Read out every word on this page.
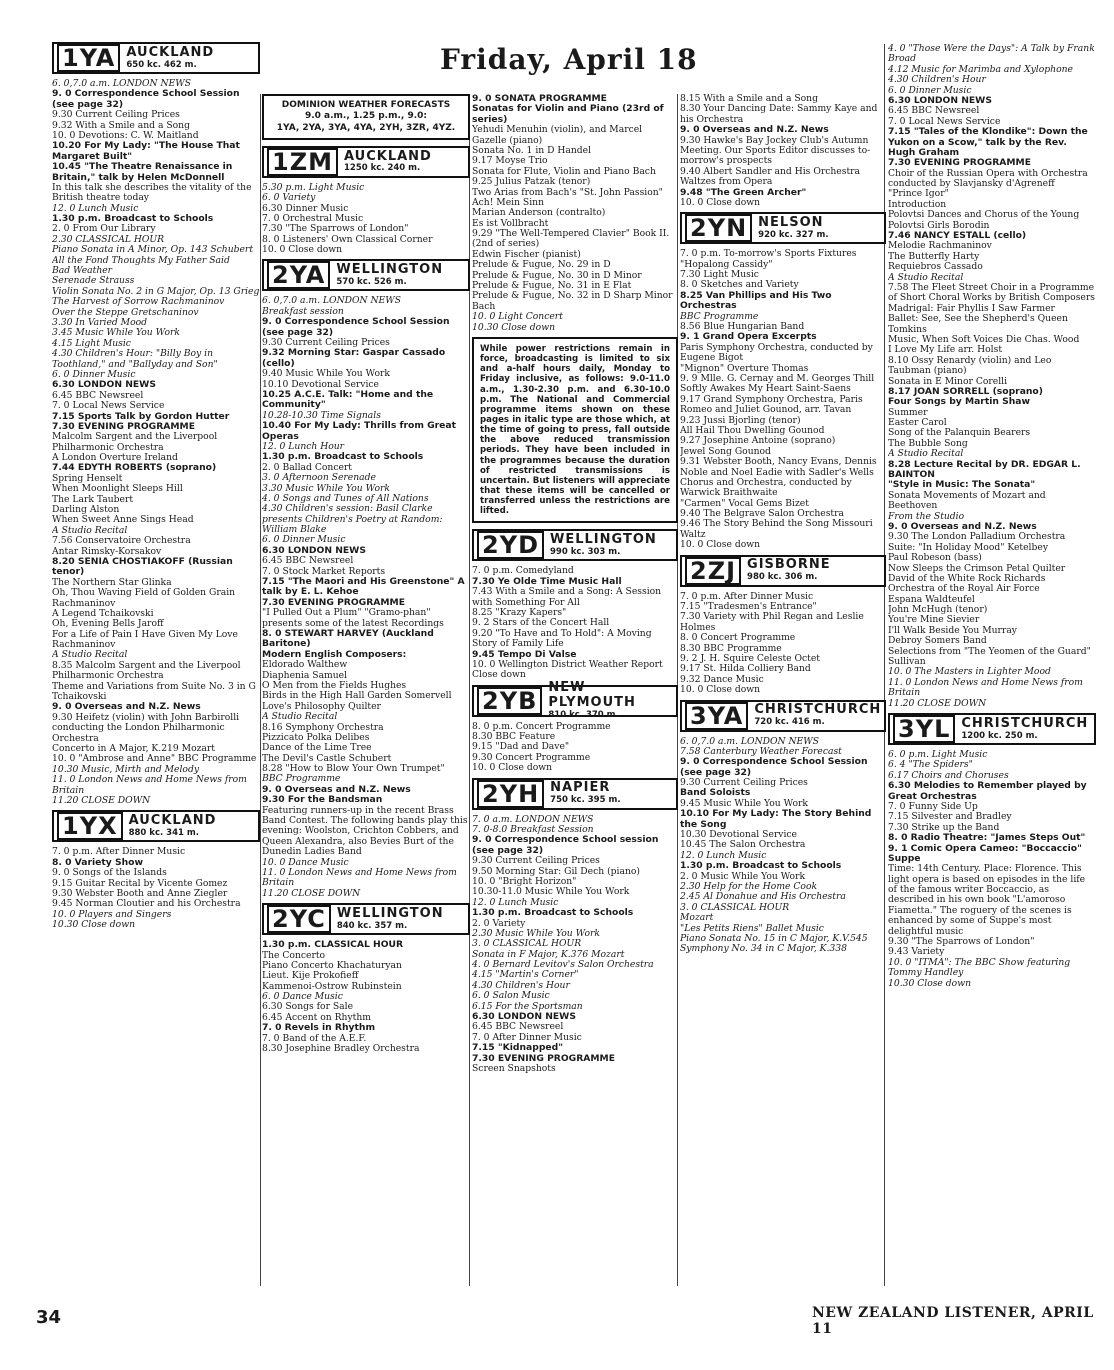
Friday, April 18
1YA AUCKLAND
650 kc. 462 m.
6. 0,7.0 a.m. LONDON NEWS
9. 0 Correspondence School Session (see page 32)
9.30 Current Ceiling Prices
9.32 With a Smile and a Song
10. 0 Devotions: C. W. Maitland
10.20 For My Lady: "The House That Margaret Built"
10.45 "The Theatre Renaissance in Britain," talk by Helen McDonnell
In this talk she describes the vitality of the British theatre today
12. 0 Lunch Music
1.30 p.m. Broadcast to Schools
2. 0 From Our Library
2.30 CLASSICAL HOUR
Piano Sonata in A Minor, Op. 143 Schubert
All the Fond Thoughts My Father Said
Bad Weather
Serenade Strauss
Violin Sonata No. 2 in G Major, Op. 13 Grieg
The Harvest of Sorrow Rachmaninov
Over the Steppe Gretschaninov
3.30 In Varied Mood
3.45 Music While You Work
4.15 Light Music
4.30 Children's Hour: "Billy Boy in Toothland," and "Ballyday and Son"
6. 0 Dinner Music
6.30 LONDON NEWS
6.45 BBC Newsreel
7. 0 Local News Service
7.15 Sports Talk by Gordon Hutter
7.30 EVENING PROGRAMME
Malcolm Sargent and the Liverpool Philharmonic Orchestra
A London Overture Ireland
7.44 EDYTH ROBERTS (soprano)
Spring Henselt
When Moonlight Sleeps Hill
The Lark Taubert
Darling Alston
When Sweet Anne Sings Head
A Studio Recital
7.56 Conservatoire Orchestra
Antar Rimsky-Korsakov
8.20 SENIA CHOSTIAKOFF (Russian tenor)
The Northern Star Glinka
Oh, Thou Waving Field of Golden Grain Rachmaninov
A Legend Tchaikovski
Oh, Evening Bells Jaroff
For a Life of Pain I Have Given My Love Rachmaninov
A Studio Recital
8.35 Malcolm Sargent and the Liverpool Philharmonic Orchestra
Theme and Variations from Suite No. 3 in G Tchaikovski
9. 0 Overseas and N.Z. News
9.30 Heifetz (violin) with John Barbirolli conducting the London Philharmonic Orchestra
Concerto in A Major, K.219 Mozart
10. 0 "Ambrose and Anne" BBC Programme
10.30 Music, Mirth and Melody
11. 0 London News and Home News from Britain
11.20 CLOSE DOWN
1YX AUCKLAND
880 kc. 341 m.
7. 0 p.m. After Dinner Music
8. 0 Variety Show
9. 0 Songs of the Islands
9.15 Guitar Recital by Vicente Gomez
9.30 Webster Booth and Anne Ziegler
9.45 Norman Cloutier and his Orchestra
10. 0 Players and Singers
10.30 Close down
DOMINION WEATHER FORECASTS
9.0 a.m., 1.25 p.m., 9.0:
1YA, 2YA, 3YA, 4YA, 2YH, 3ZR, 4YZ.
1ZM AUCKLAND
1250 kc. 240 m.
5.30 p.m. Light Music
6. 0 Variety
6.30 Dinner Music
7. 0 Orchestral Music
7.30 "The Sparrows of London"
8. 0 Listeners' Own Classical Corner
10. 0 Close down
2YA WELLINGTON
570 kc. 526 m.
6. 0,7.0 a.m. LONDON NEWS
Breakfast session
9. 0 Correspondence School Session (see page 32)
9.30 Current Ceiling Prices
9.32 Morning Star: Gaspar Cassado (cello)
9.40 Music While You Work
10.10 Devotional Service
10.25 A.C.E. Talk: "Home and the Community"
10.28-10.30 Time Signals
10.40 For My Lady: Thrills from Great Operas
12. 0 Lunch Hour
1.30 p.m. Broadcast to Schools
2. 0 Ballad Concert
3. 0 Afternoon Serenade
3.30 Music While You Work
4. 0 Songs and Tunes of All Nations
4.30 Children's session: Basil Clarke presents Children's Poetry at Random: William Blake
6. 0 Dinner Music
6.30 LONDON NEWS
6.45 BBC Newsreel
7. 0 Stock Market Reports
7.15 "The Maori and His Greenstone" A talk by E. L. Kehoe
7.30 EVENING PROGRAMME
"I Pulled Out a Plum" "Gramo-phan" presents some of the latest Recordings
8. 0 STEWART HARVEY (Auckland Baritone)
Modern English Composers:
Eldorado Walthew
Diaphenia Samuel
O Men from the Fields Hughes
Birds in the High Hall Garden Somervell
Love's Philosophy Quilter
A Studio Recital
8.16 Symphony Orchestra
Pizzicato Polka Delibes
Dance of the Lime Tree
The Devil's Castle Schubert
8.28 "How to Blow Your Own Trumpet"
BBC Programme
9. 0 Overseas and N.Z. News
9.30 For the Bandsman
Featuring runners-up in the recent Brass Band Contest. The following bands play this evening: Woolston, Crichton Cobbers, and Queen Alexandra, also Bevies Burt of the Dunedin Ladies Band
10. 0 Dance Music
11. 0 London News and Home News from Britain
11.20 CLOSE DOWN
2YC WELLINGTON
840 kc. 357 m.
1.30 p.m. CLASSICAL HOUR
The Concerto
Piano Concerto Khachaturyan
Lieut. Kije Prokofieff
Kammenoi-Ostrow Rubinstein
6. 0 Dance Music
6.30 Songs for Sale
6.45 Accent on Rhythm
7. 0 Revels in Rhythm
7. 0 Band of the A.E.F.
8.30 Josephine Bradley Orchestra
9. 0 SONATA PROGRAMME
Sonatas for Violin and Piano (23rd of series)
Yehudi Menuhin (violin), and Marcel Gazelle (piano)
Sonata No. 1 in D Handel
9.17 Moyse Trio
Sonata for Flute, Violin and Piano Bach
9.25 Julius Patzak (tenor)
Two Arias from Bach's "St. John Passion"
Ach! Mein Sinn
Marian Anderson (contralto)
Es ist Vollbracht
9.29 "The Well-Tempered Clavier" Book II. (2nd of series)
Edwin Fischer (pianist)
Prelude & Fugue, No. 29 in D
Prelude & Fugue, No. 30 in D Minor
Prelude & Fugue, No. 31 in E Flat
Prelude & Fugue, No. 32 in D Sharp Minor Bach
10. 0 Light Concert
10.30 Close down
While power restrictions remain in force, broadcasting is limited to six and a-half hours daily, Monday to Friday inclusive, as follows: 9.0-11.0 a.m., 1.30-2.30 p.m. and 6.30-10.0 p.m. The National and Commercial programme items shown on these pages in italic type are those which, at the time of going to press, fall outside the above reduced transmission periods. They have been included in the programmes because the duration of restricted transmissions is uncertain. But listeners will appreciate that these items will be cancelled or transferred unless the restrictions are lifted.
2YD WELLINGTON
990 kc. 303 m.
7. 0 p.m. Comedyland
7.30 Ye Olde Time Music Hall
7.43 With a Smile and a Song: A Session with Something For All
8.25 "Krazy Kapers"
9. 2 Stars of the Concert Hall
9.20 "To Have and To Hold": A Moving Story of Family Life
9.45 Tempo Di Valse
10. 0 Wellington District Weather Report
Close down
2YB NEW PLYMOUTH
810 kc. 370 m.
8. 0 p.m. Concert Programme
8.30 BBC Feature
9.15 "Dad and Dave"
9.30 Concert Programme
10. 0 Close down
2YH NAPIER
750 kc. 395 m.
7. 0 a.m. LONDON NEWS
7. 0-8.0 Breakfast Session
9. 0 Correspondence School session (see page 32)
9.30 Current Ceiling Prices
9.50 Morning Star: Gil Dech (piano)
10. 0 "Bright Horizon"
10.30-11.0 Music While You Work
12. 0 Lunch Music
1.30 p.m. Broadcast to Schools
2. 0 Variety
2.30 Music While You Work
3. 0 CLASSICAL HOUR
Sonata in F Major, K.376 Mozart
4. 0 Bernard Levitov's Salon Orchestra
4.15 "Martin's Corner"
4.30 Children's Hour
6. 0 Salon Music
6.15 For the Sportsman
6.30 LONDON NEWS
6.45 BBC Newsreel
7. 0 After Dinner Music
7.15 "Kidnapped"
7.30 EVENING PROGRAMME
Screen Snapshots
8.15 With a Smile and a Song
8.30 Your Dancing Date: Sammy Kaye and his Orchestra
9. 0 Overseas and N.Z. News
9.30 Hawke's Bay Jockey Club's Autumn Meeting. Our Sports Editor discusses to-morrow's prospects
9.40 Albert Sandler and His Orchestra
Waltzes from Opera
9.48 "The Green Archer"
10. 0 Close down
2YN NELSON
920 kc. 327 m.
7. 0 p.m. To-morrow's Sports Fixtures
"Hopalong Cassidy"
7.30 Light Music
8. 0 Sketches and Variety
8.25 Van Phillips and His Two Orchestras
BBC Programme
8.56 Blue Hungarian Band
9. 1 Grand Opera Excerpts
Paris Symphony Orchestra, conducted by Eugene Bigot
"Mignon" Overture Thomas
9. 9 Mlle. G. Cernay and M. Georges Thill
Softly Awakes My Heart Saint-Saens
9.17 Grand Symphony Orchestra, Paris
Romeo and Juliet Gounod, arr. Tavan
9.23 Jussi Bjorling (tenor)
All Hail Thou Dwelling Gounod
9.27 Josephine Antoine (soprano)
Jewel Song Gounod
9.31 Webster Booth, Nancy Evans, Dennis Noble and Noel Eadie with Sadler's Wells Chorus and Orchestra, conducted by Warwick Braithwaite
"Carmen" Vocal Gems Bizet
9.40 The Belgrave Salon Orchestra
9.46 The Story Behind the Song Missouri Waltz
10. 0 Close down
2ZJ GISBORNE
980 kc. 306 m.
7. 0 p.m. After Dinner Music
7.15 "Tradesmen's Entrance"
7.30 Variety with Phil Regan and Leslie Holmes
8. 0 Concert Programme
8.30 BBC Programme
9. 2 J. H. Squire Celeste Octet
9.17 St. Hilda Colliery Band
9.32 Dance Music
10. 0 Close down
3YA CHRISTCHURCH
720 kc. 416 m.
6. 0,7.0 a.m. LONDON NEWS
7.58 Canterbury Weather Forecast
9. 0 Correspondence School Session (see page 32)
9.30 Current Ceiling Prices
Band Soloists
9.45 Music While You Work
10.10 For My Lady: The Story Behind the Song
10.30 Devotional Service
10.45 The Salon Orchestra
12. 0 Lunch Music
1.30 p.m. Broadcast to Schools
2. 0 Music While You Work
2.30 Help for the Home Cook
2.45 Al Donahue and His Orchestra
3. 0 CLASSICAL HOUR
Mozart
"Les Petits Riens" Ballet Music
Piano Sonata No. 15 in C Major, K.V.545
Symphony No. 34 in C Major, K.338
4. 0 "Those Were the Days": A Talk by Frank Broad
4.12 Music for Marimba and Xylophone
4.30 Children's Hour
6. 0 Dinner Music
6.30 LONDON NEWS
6.45 BBC Newsreel
7. 0 Local News Service
7.15 "Tales of the Klondike": Down the Yukon on a Scow," talk by the Rev. Hugh Graham
7.30 EVENING PROGRAMME
Choir of the Russian Opera with Orchestra conducted by Slavjansky d'Agreneff
"Prince Igor"
Introduction
Polovtsi Dances and Chorus of the Young Polovtsi Girls Borodin
7.46 NANCY ESTALL (cello)
Melodie Rachmaninov
The Butterfly Harty
Requiebros Cassado
A Studio Recital
7.58 The Fleet Street Choir in a Programme of Short Choral Works by British Composers
Madrigal: Fair Phyllis I Saw Farmer
Ballet: See, See the Shepherd's Queen Tomkins
Music, When Soft Voices Die Chas. Wood
I Love My Life arr. Holst
8.10 Ossy Renardy (violin) and Leo Taubman (piano)
Sonata in E Minor Corelli
8.17 JOAN SORRELL (soprano)
Four Songs by Martin Shaw
Summer
Easter Carol
Song of the Palanquin Bearers
The Bubble Song
A Studio Recital
8.28 Lecture Recital by DR. EDGAR L. BAINTON
"Style in Music: The Sonata"
Sonata Movements of Mozart and Beethoven
From the Studio
9. 0 Overseas and N.Z. News
9.30 The London Palladium Orchestra
Suite: "In Holiday Mood" Ketelbey
Paul Robeson (bass)
Now Sleeps the Crimson Petal Quilter
David of the White Rock Richards
Orchestra of the Royal Air Force
Espana Waldteufel
John McHugh (tenor)
You're Mine Sievier
I'll Walk Beside You Murray
Debroy Somers Band
Selections from "The Yeomen of the Guard" Sullivan
10. 0 The Masters in Lighter Mood
11. 0 London News and Home News from Britain
11.20 CLOSE DOWN
3YL CHRISTCHURCH
1200 kc. 250 m.
6. 0 p.m. Light Music
6. 4 "The Spiders"
6.17 Choirs and Choruses
6.30 Melodies to Remember played by Great Orchestras
7. 0 Funny Side Up
7.15 Silvester and Bradley
7.30 Strike up the Band
8. 0 Radio Theatre: "James Steps Out"
9. 1 Comic Opera Cameo: "Boccaccio" Suppe
Time: 14th Century. Place: Florence. This light opera is based on episodes in the life of the famous writer Boccaccio, as described in his own book "L'amoroso Fiametta." The roguery of the scenes is enhanced by some of Suppe's most delightful music
9.30 "The Sparrows of London"
9.43 Variety
10. 0 "ITMA": The BBC Show featuring Tommy Handley
10.30 Close down
34	NEW ZEALAND LISTENER, APRIL 11
